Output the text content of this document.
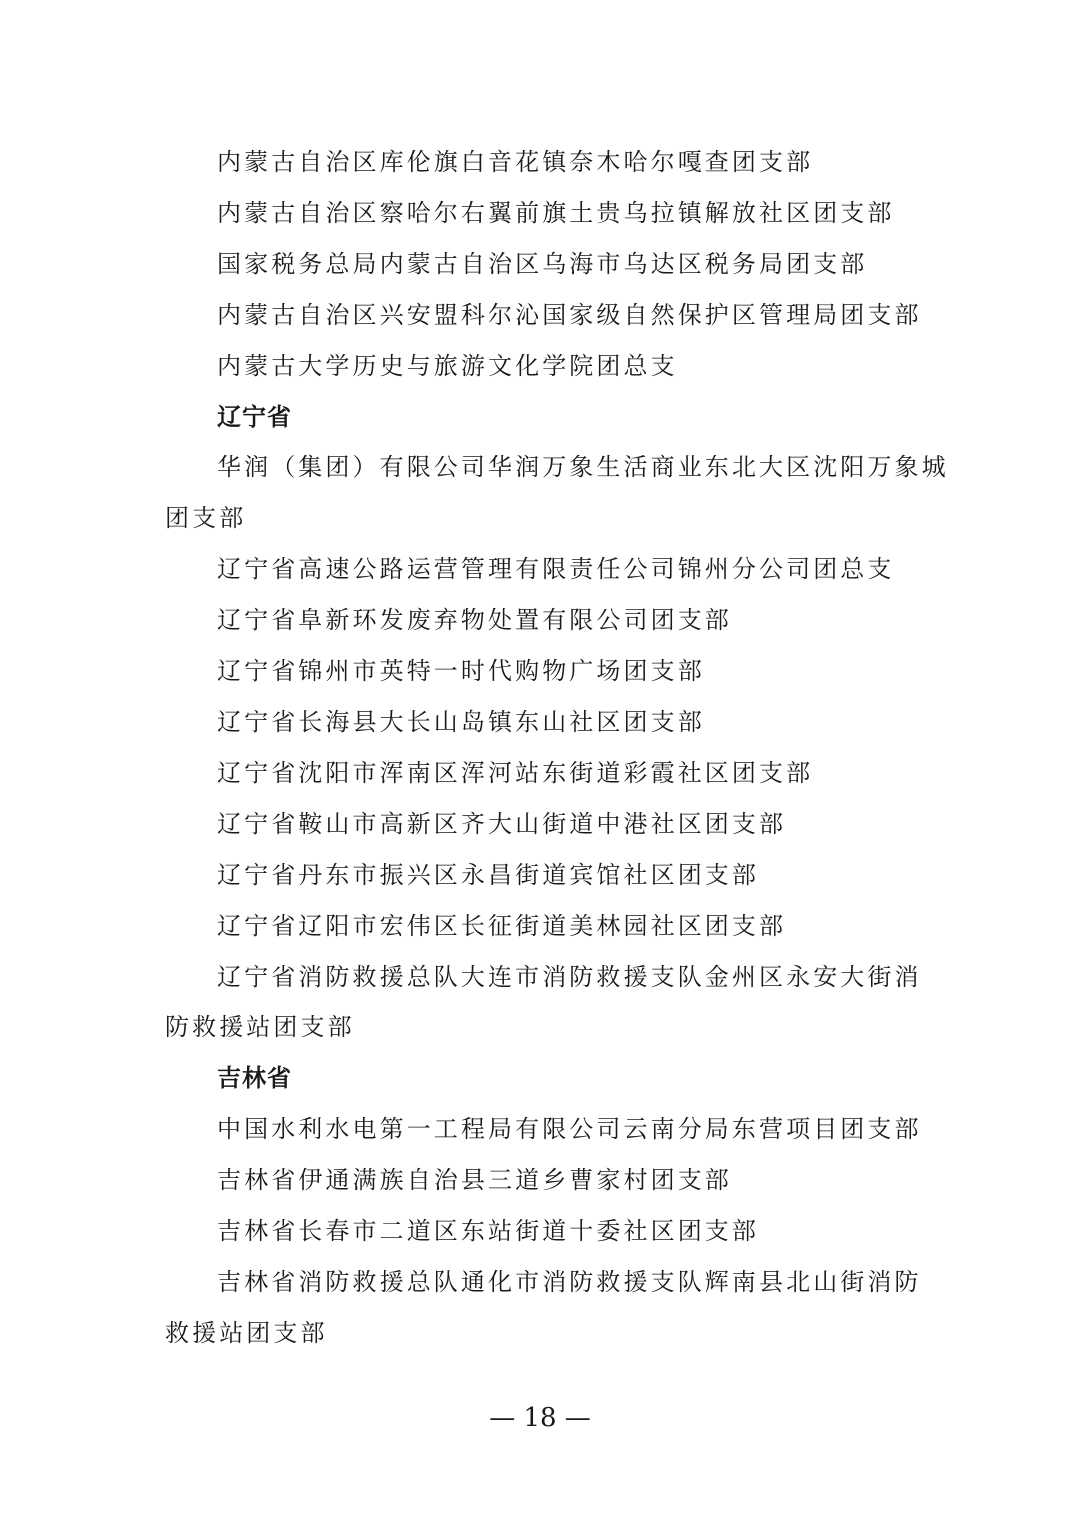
内蒙古自治区库伦旗白音花镇奈木哈尔嘎查团支部
内蒙古自治区察哈尔右翼前旗土贵乌拉镇解放社区团支部
国家税务总局内蒙古自治区乌海市乌达区税务局团支部
内蒙古自治区兴安盟科尔沁国家级自然保护区管理局团支部
内蒙古大学历史与旅游文化学院团总支
辽宁省
华润（集团）有限公司华润万象生活商业东北大区沈阳万象城
团支部
辽宁省高速公路运营管理有限责任公司锦州分公司团总支
辽宁省阜新环发废弃物处置有限公司团支部
辽宁省锦州市英特一时代购物广场团支部
辽宁省长海县大长山岛镇东山社区团支部
辽宁省沈阳市浑南区浑河站东街道彩霞社区团支部
辽宁省鞍山市高新区齐大山街道中港社区团支部
辽宁省丹东市振兴区永昌街道宾馆社区团支部
辽宁省辽阳市宏伟区长征街道美林园社区团支部
辽宁省消防救援总队大连市消防救援支队金州区永安大街消
防救援站团支部
吉林省
中国水利水电第一工程局有限公司云南分局东营项目团支部
吉林省伊通满族自治县三道乡曹家村团支部
吉林省长春市二道区东站街道十委社区团支部
吉林省消防救援总队通化市消防救援支队辉南县北山街消防
救援站团支部
— 18 —
